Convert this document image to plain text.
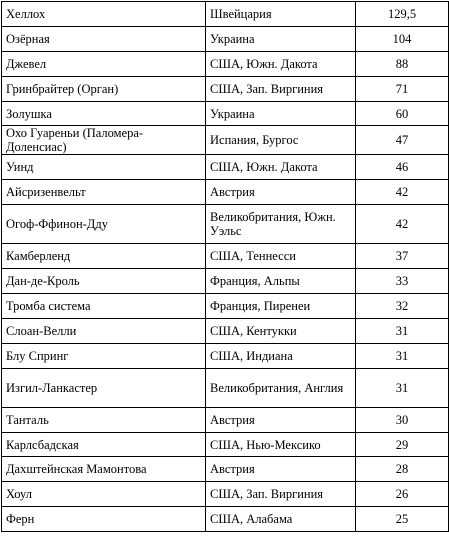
Хеллох	Швейцария	129,5
Озёрная	Украина	104
Джевел	США, Южн. Дакота	88
Гринбрайтер (Орган)	США, Зап. Виргиния	71
Золушка	Украина	60
Охо Гуареньи (Паломера-Доленсиас)	Испания, Бургос	47
Уинд	США, Южн. Дакота	46
Айсризенвельт	Австрия	42
Огоф-Ффинон-Дду	Великобритания, Южн. Уэльс	42
Камберленд	США, Теннесси	37
Дан-де-Кроль	Франция, Альпы	33
Тромба система	Франция, Пиренеи	32
Слоан-Велли	США, Кентукки	31
Блу Спринг	США, Индиана	31
Изгил-Ланкастер	Великобритания, Англия	31
Танталь	Австрия	30
Карлсбадская	США, Нью-Мексико	29
Дахштейнская Мамонтова	Австрия	28
Хоул	США, Зап. Виргиния	26
Ферн	США, Алабама	25
